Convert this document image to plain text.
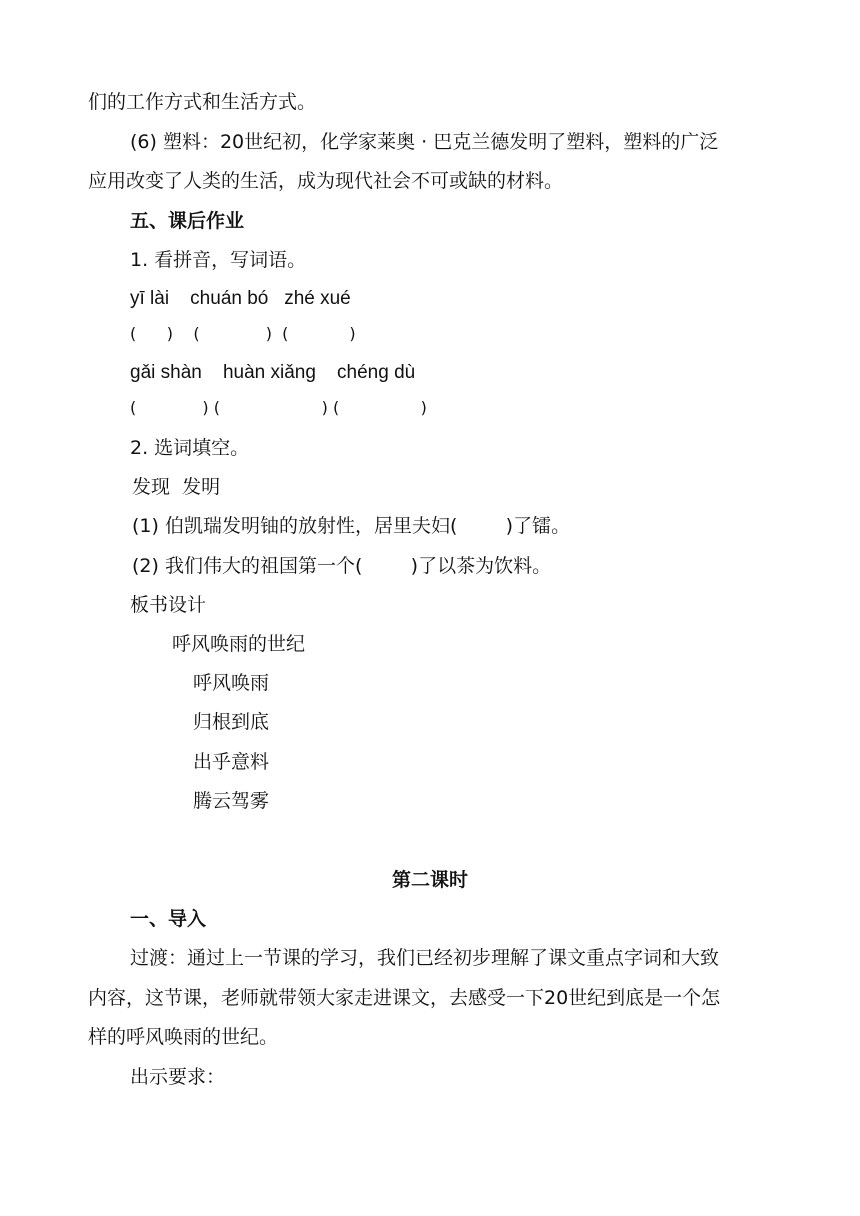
们的工作方式和生活方式。
(6) 塑料：20世纪初，化学家莱奥 · 巴克兰德发明了塑料，塑料的广泛
应用改变了人类的生活，成为现代社会不可或缺的材料。
五、课后作业
1. 看拼音，写词语。
yī lài    chuán bó   zhé xué
(      )    (             )  (            )
gǎi shàn    huàn xiǎng    chéng dù
(             ) (                    ) (                )
2. 选词填空。
发现  发明
(1) 伯凯瑞发明铀的放射性，居里夫妇(        )了镭。
(2) 我们伟大的祖国第一个(        )了以茶为饮料。
板书设计
呼风唤雨的世纪
呼风唤雨
归根到底
出乎意料
腾云驾雾
第二课时
一、导入
过渡：通过上一节课的学习，我们已经初步理解了课文重点字词和大致
内容，这节课，老师就带领大家走进课文，去感受一下20世纪到底是一个怎
样的呼风唤雨的世纪。
出示要求：
